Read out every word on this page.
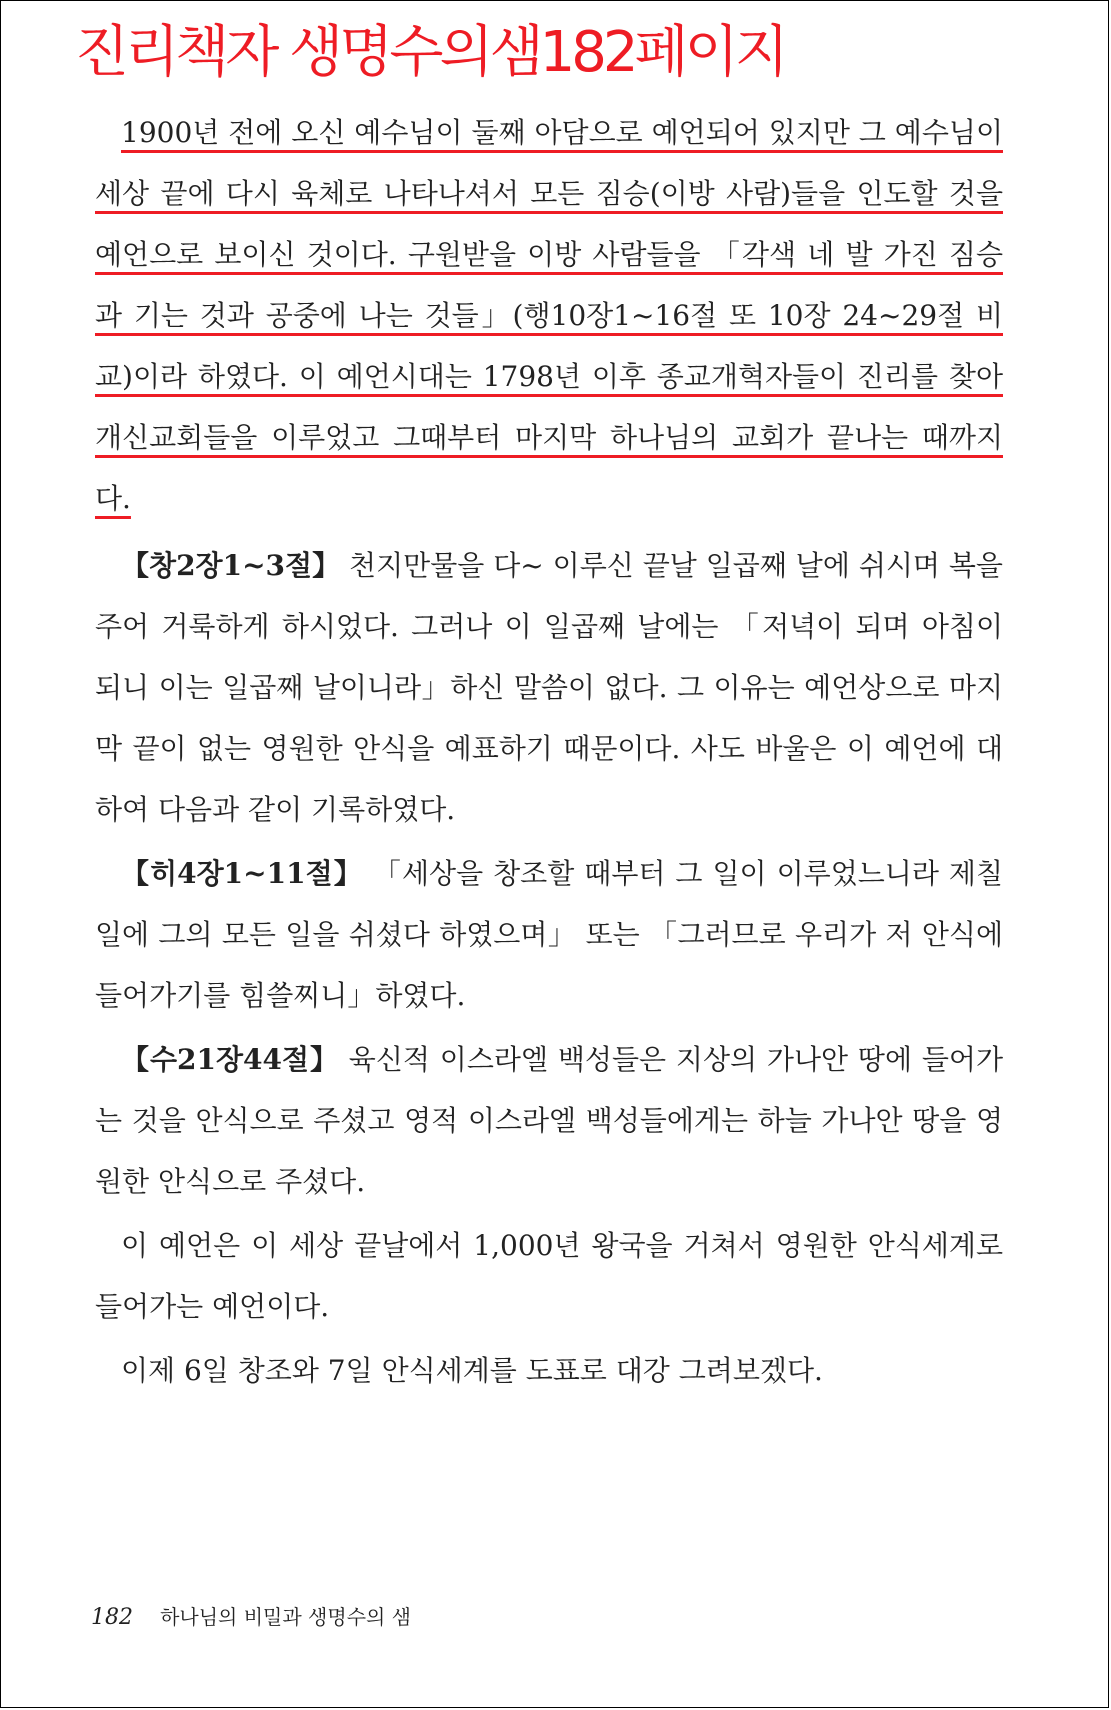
진리책자 생명수의샘182페이지

1900년 전에 오신 예수님이 둘째 아담으로 예언되어 있지만 그 예수님이 세상 끝에 다시 육체로 나타나셔서 모든 짐승(이방 사람)들을 인도할 것을 예언으로 보이신 것이다. 구원받을 이방 사람들을 「각색 네 발 가진 짐승과 기는 것과 공중에 나는 것들」(행10장1~16절 또 10장 24~29절 비교)이라 하였다. 이 예언시대는 1798년 이후 종교개혁자들이 진리를 찾아 개신교회들을 이루었고 그때부터 마지막 하나님의 교회가 끝나는 때까지다.

【창2장1~3절】 천지만물을 다~ 이루신 끝날 일곱째 날에 쉬시며 복을 주어 거룩하게 하시었다. 그러나 이 일곱째 날에는 「저녁이 되며 아침이 되니 이는 일곱째 날이니라」하신 말씀이 없다. 그 이유는 예언상으로 마지막 끝이 없는 영원한 안식을 예표하기 때문이다. 사도 바울은 이 예언에 대하여 다음과 같이 기록하였다.

【히4장1~11절】 「세상을 창조할 때부터 그 일이 이루었느니라 제칠일에 그의 모든 일을 쉬셨다 하였으며」 또는 「그러므로 우리가 저 안식에 들어가기를 힘쓸찌니」하였다.

【수21장44절】 육신적 이스라엘 백성들은 지상의 가나안 땅에 들어가는 것을 안식으로 주셨고 영적 이스라엘 백성들에게는 하늘 가나안 땅을 영원한 안식으로 주셨다.

이 예언은 이 세상 끝날에서 1,000년 왕국을 거쳐서 영원한 안식세계로 들어가는 예언이다.

이제 6일 창조와 7일 안식세계를 도표로 대강 그려보겠다.

182 하나님의 비밀과 생명수의 샘
